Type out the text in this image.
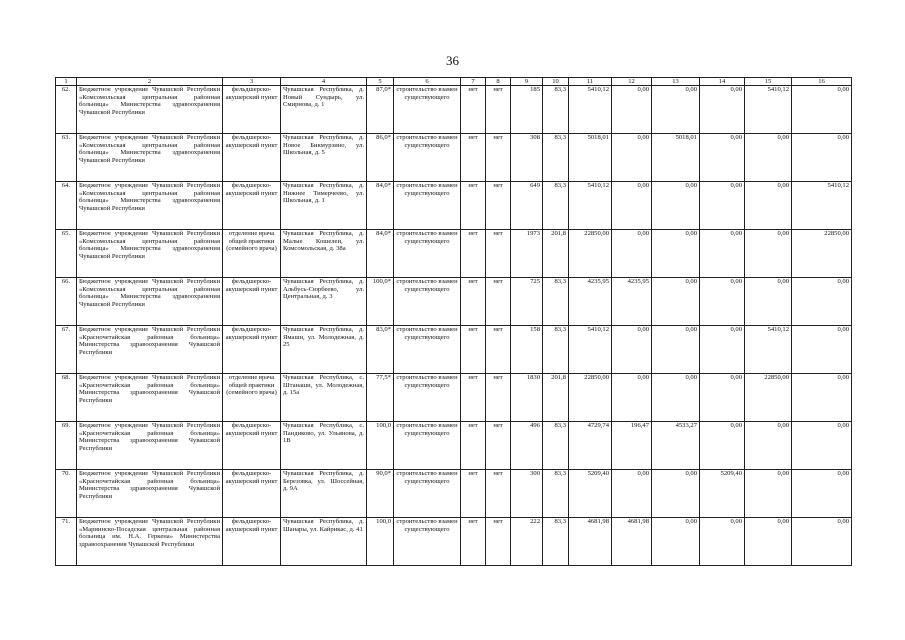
36
1	2	3	4	5	6	7	8	9	10	11	12	13	14	15	16
62.	Бюджетное учреждение Чувашской Республики «Комсомольская центральная районная больница» Министерства здравоохранения Чувашской Республики	фельдшерско-акушерский пункт	Чувашская Республика, д. Новый Сундырь, ул. Смирнова, д. 1	87,0*	строительство взамен существующего	нет	нет	185	83,3	5410,12	0,00	0,00	0,00	5410,12	0,00
63.	Бюджетное учреждение Чувашской Республики «Комсомольская центральная районная больница» Министерства здравоохранения Чувашской Республики	фельдшерско-акушерский пункт	Чувашская Республика, д. Новое Бикмурзино, ул. Школьная, д. 5	86,0*	строительство взамен существующего	нет	нет	308	83,3	5018,01	0,00	5018,01	0,00	0,00	0,00
64.	Бюджетное учреждение Чувашской Республики «Комсомольская центральная районная больница» Министерства здравоохранения Чувашской Республики	фельдшерско-акушерский пункт	Чувашская Республика, д. Нижнее Тимерчеево, ул. Школьная, д. 1	84,0*	строительство взамен существующего	нет	нет	649	83,3	5410,12	0,00	0,00	0,00	0,00	5410,12
65.	Бюджетное учреждение Чувашской Республики «Комсомольская центральная районная больница» Министерства здравоохранения Чувашской Республики	отделение врача общей практики (семейного врача)	Чувашская Республика, д. Малые Кошелеи, ул. Комсомольская, д. 38а	84,0*	строительство взамен существующего	нет	нет	1973	201,8	22850,00	0,00	0,00	0,00	0,00	22850,00
66.	Бюджетное учреждение Чувашской Республики «Комсомольская центральная районная больница» Министерства здравоохранения Чувашской Республики	фельдшерско-акушерский пункт	Чувашская Республика, д. Альбусь-Сюрбеево, ул. Центральная, д. 3	100,0*	строительство взамен существующего	нет	нет	725	83,3	4235,95	4235,95	0,00	0,00	0,00	0,00
67.	Бюджетное учреждение Чувашской Республики «Красночетайская районная больница» Министерства здравоохранения Чувашской Республики	фельдшерско-акушерский пункт	Чувашская Республика, д. Ямашн, ул. Молодежная, д. 25	83,0*	строительство взамен существующего	нет	нет	158	83,3	5410,12	0,00	0,00	0,00	5410,12	0,00
68.	Бюджетное учреждение Чувашской Республики «Красночетайская районная больница» Министерства здравоохранения Чувашской Республики	отделение врача общей практики (семейного врача)	Чувашская Республика, с. Штанаши, ул. Молодежная, д. 15а	77,5*	строительство взамен существующего	нет	нет	1830	201,8	22850,00	0,00	0,00	0,00	22850,00	0,00
69.	Бюджетное учреждение Чувашской Республики «Красночетайская районная больница» Министерства здравоохранения Чувашской Республики	фельдшерско-акушерский пункт	Чувашская Республика, с. Пандиково, ул. Ульянова, д. 1В	100,0	строительство взамен существующего	нет	нет	496	83,3	4729,74	196,47	4533,27	0,00	0,00	0,00
70.	Бюджетное учреждение Чувашской Республики «Красночетайская районная больница» Министерства здравоохранения Чувашской Республики	фельдшерско-акушерский пункт	Чувашская Республика, д. Березовка, ул. Шоссейная, д. 9А	90,0*	строительство взамен существующего	нет	нет	300	83,3	5209,40	0,00	0,00	5209,40	0,00	0,00
71.	Бюджетное учреждение Чувашской Республики «Мариинско-Посадская центральная районная больница им. Н.А. Геркена» Министерства здравоохранения Чувашской Республики	фельдшерско-акушерский пункт	Чувашская Республика, д. Шанары, ул. Кайрикас, д. 41	100,0	строительство взамен существующего	нет	нет	222	83,3	4681,98	4681,98	0,00	0,00	0,00	0,00
